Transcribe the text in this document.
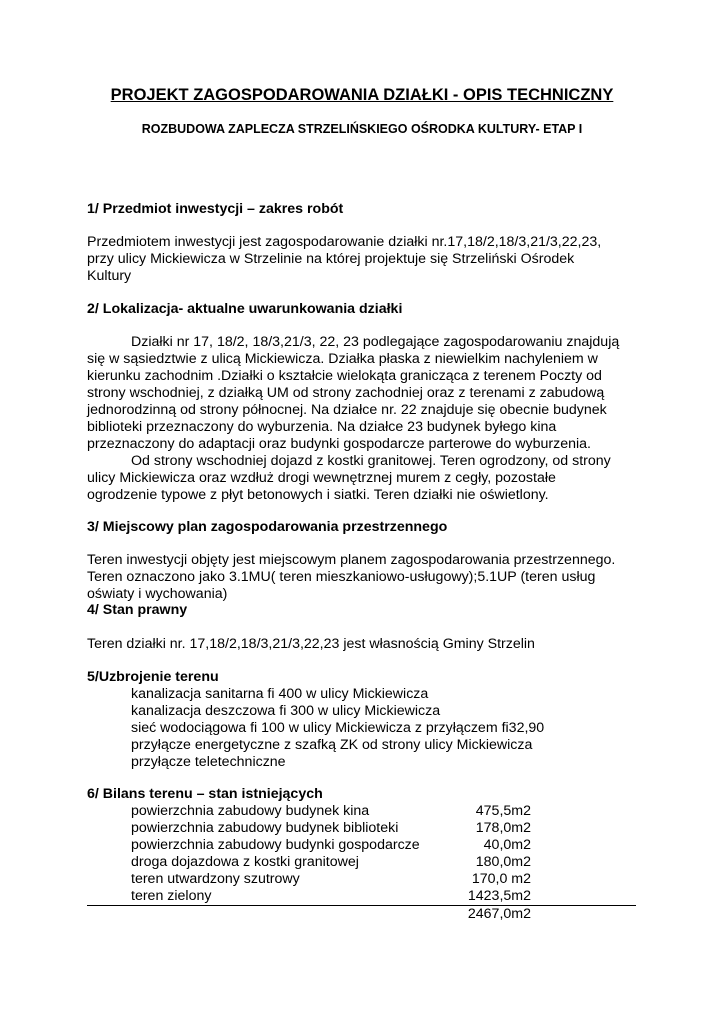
PROJEKT ZAGOSPODAROWANIA DZIAŁKI - OPIS TECHNICZNY
ROZBUDOWA ZAPLECZA STRZELIŃSKIEGO OŚRODKA KULTURY- ETAP I
1/ Przedmiot inwestycji – zakres robót
Przedmiotem inwestycji jest zagospodarowanie działki nr.17,18/2,18/3,21/3,22,23,
przy ulicy Mickiewicza w Strzelinie na której projektuje się Strzeliński Ośrodek
Kultury
2/ Lokalizacja- aktualne uwarunkowania działki
Działki nr 17, 18/2, 18/3,21/3, 22, 23 podlegające zagospodarowaniu znajdują
się w sąsiedztwie z ulicą Mickiewicza. Działka płaska z niewielkim nachyleniem w
kierunku zachodnim .Działki o kształcie wielokąta granicząca z terenem Poczty od
strony wschodniej, z działką UM od strony zachodniej oraz z terenami z zabudową
jednorodzinną od strony północnej. Na działce nr. 22 znajduje się obecnie budynek
biblioteki przeznaczony do wyburzenia. Na działce 23 budynek byłego kina
przeznaczony do adaptacji oraz budynki gospodarcze parterowe do wyburzenia.
Od strony wschodniej dojazd z kostki granitowej. Teren ogrodzony, od strony
ulicy Mickiewicza oraz wzdłuż drogi wewnętrznej murem z cegły, pozostałe
ogrodzenie typowe z płyt betonowych i siatki. Teren działki nie oświetlony.
3/ Miejscowy plan zagospodarowania przestrzennego
Teren inwestycji objęty jest miejscowym planem zagospodarowania przestrzennego.
Teren oznaczono jako 3.1MU( teren mieszkaniowo-usługowy);5.1UP (teren usług
oświaty i wychowania)
4/ Stan prawny
Teren działki nr. 17,18/2,18/3,21/3,22,23 jest własnością Gminy Strzelin
5/Uzbrojenie terenu
kanalizacja sanitarna fi 400 w ulicy Mickiewicza
kanalizacja deszczowa fi 300 w ulicy Mickiewicza
sieć wodociągowa fi 100 w ulicy Mickiewicza z przyłączem fi32,90
przyłącze energetyczne z szafką ZK od strony ulicy Mickiewicza
przyłącze teletechniczne
6/ Bilans terenu – stan istniejących
powierzchnia zabudowy budynek kina	475,5m2
powierzchnia zabudowy budynek biblioteki	178,0m2
powierzchnia zabudowy budynki gospodarcze	40,0m2
droga dojazdowa z kostki granitowej	180,0m2
teren utwardzony szutrowy	170,0 m2
teren zielony	1423,5m2
2467,0m2
